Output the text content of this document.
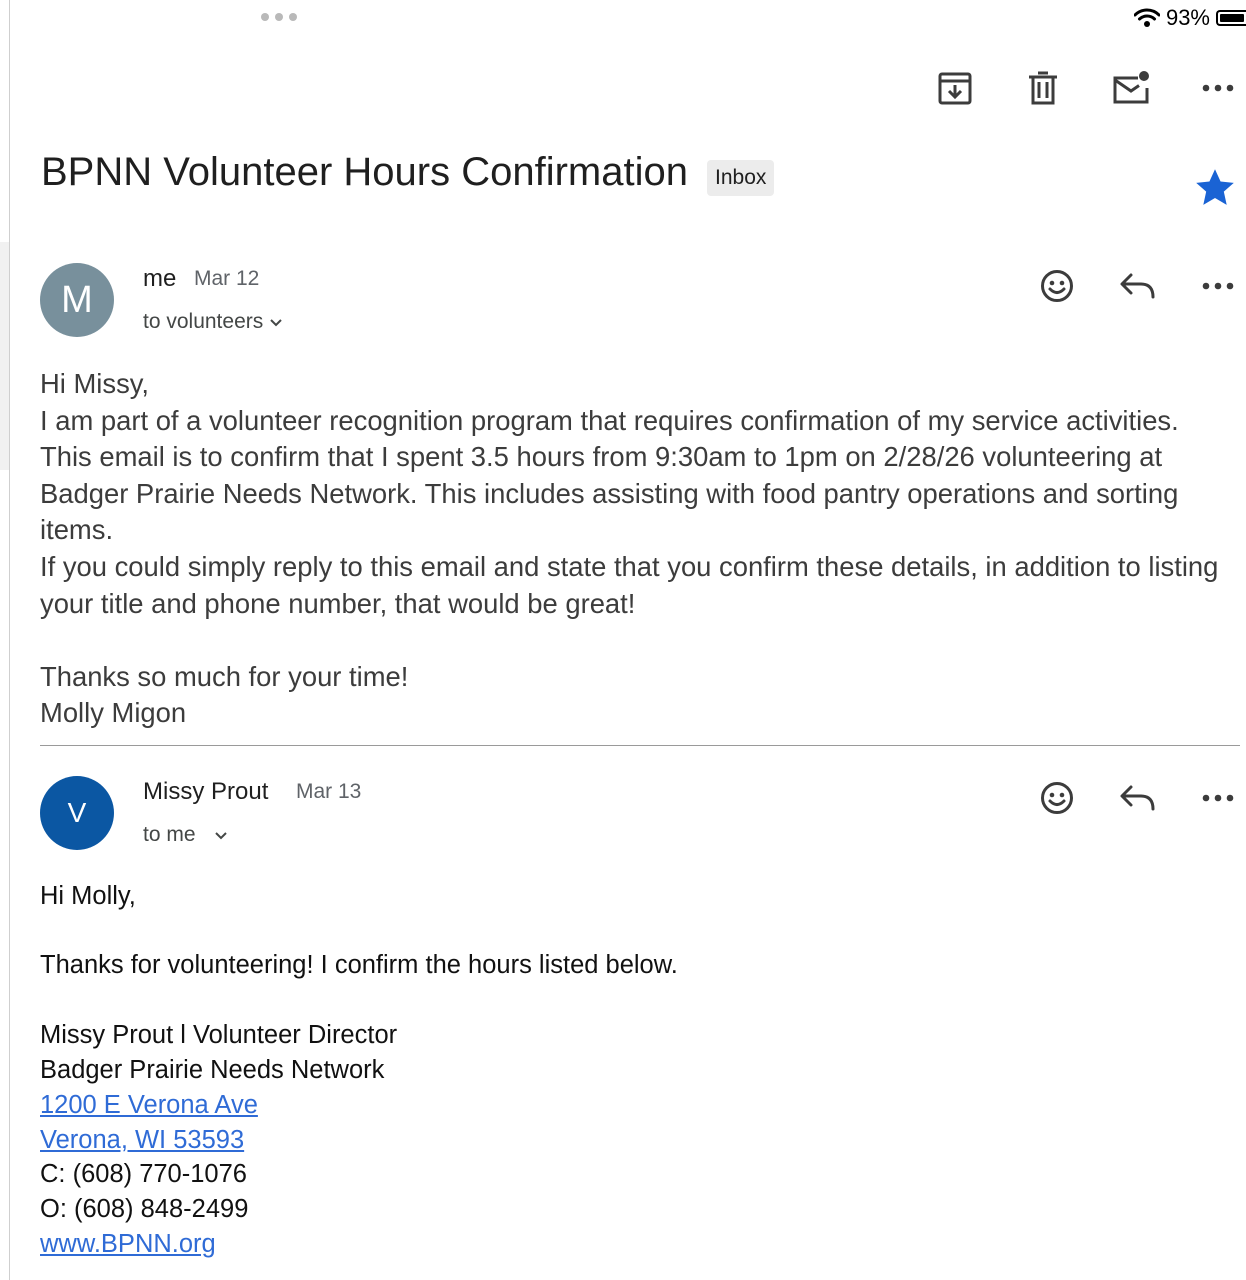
93%
BPNN Volunteer Hours Confirmation	Inbox
M me Mar 12
to volunteers

Hi Missy,

I am part of a volunteer recognition program that requires confirmation of my service activities. This email is to confirm that I spent 3.5 hours from 9:30am to 1pm on 2/28/26 volunteering at Badger Prairie Needs Network. This includes assisting with food pantry operations and sorting items.

If you could simply reply to this email and state that you confirm these details, in addition to listing your title and phone number, that would be great!

Thanks so much for your time!

Molly Migon

V
Missy Prout Mar 13
to me
Hi Molly,
Thanks for volunteering! I confirm the hours listed below.
Missy Prout l Volunteer Director
Badger Prairie Needs Network
1200 E Verona Ave
Verona, WI 53593
C: (608) 770-1076
O: (608) 848-2499
www.BPNN.org
